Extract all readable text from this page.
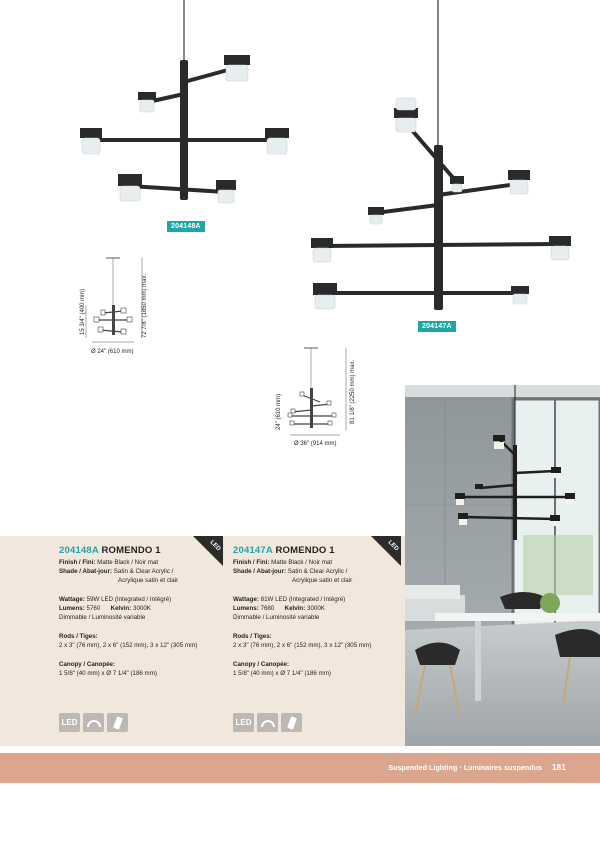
204148A
204147A
15 3/4" (400 mm)	72 7/8" (1850 mm) max.
Ø 24" (610 mm)
24" (610 mm)	81 1/8" (2250 mm) max.
Ø 36" (914 mm)
LED
204148A ROMENDO 1
Finish / Fini: Matte Black / Noir mat
Shade / Abat-jour: Satin & Clear Acrylic /
Acrylique satin et clair
Wattage: 59W LED (Integrated / Intégré)
Lumens: 5760 Kelvin: 3000K
Dimmable / Luminosité variable
Rods / Tiges:
2 x 3" (76 mm), 2 x 6" (152 mm), 3 x 12" (305 mm)
Canopy / Canopée:
1 5/8" (40 mm) x Ø 7 1/4" (186 mm)
LED
LED
204147A ROMENDO 1
Finish / Fini: Matte Black / Noir mat
Shade / Abat-jour: Satin & Clear Acrylic /
Acrylique satin et clair
Wattage: 81W LED (Integrated / Intégré)
Lumens: 7680 Kelvin: 3000K
Dimmable / Luminosité variable
Rods / Tiges:
2 x 3" (76 mm), 2 x 6" (152 mm), 3 x 12" (305 mm)
Canopy / Canopée:
1 5/8" (40 mm) x Ø 7 1/4" (186 mm)
LED
Suspended Lighting · Luminaires suspendus 181
